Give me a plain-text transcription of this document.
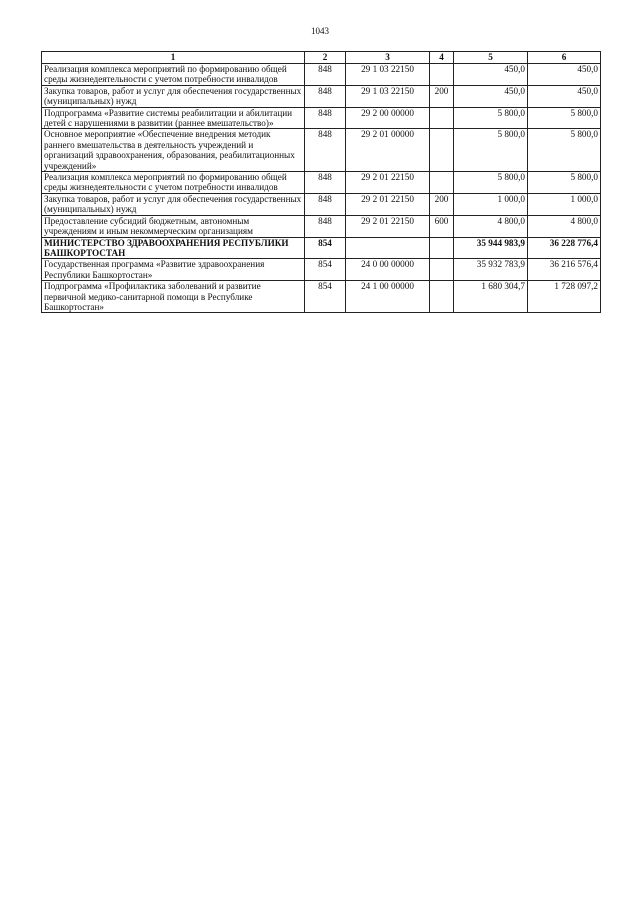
1043
1	2	3	4	5	6
Реализация комплекса мероприятий по формированию общей среды жизнедеятельности с учетом потребности инвалидов	848	29 1 03 22150		450,0	450,0
Закупка товаров, работ и услуг для обеспечения государственных (муниципальных) нужд	848	29 1 03 22150	200	450,0	450,0
Подпрограмма «Развитие системы реабилитации и абилитации детей с нарушениями в развитии (раннее вмешательство)»	848	29 2 00 00000		5 800,0	5 800,0
Основное мероприятие «Обеспечение внедрения методик раннего вмешательства в деятельность учреждений и организаций здравоохранения, образования, реабилитационных учреждений»	848	29 2 01 00000		5 800,0	5 800,0
Реализация комплекса мероприятий по формированию общей среды жизнедеятельности с учетом потребности инвалидов	848	29 2 01 22150		5 800,0	5 800,0
Закупка товаров, работ и услуг для обеспечения государственных (муниципальных) нужд	848	29 2 01 22150	200	1 000,0	1 000,0
Предоставление субсидий бюджетным, автономным учреждениям и иным некоммерческим организациям	848	29 2 01 22150	600	4 800,0	4 800,0
МИНИСТЕРСТВО ЗДРАВООХРАНЕНИЯ РЕСПУБЛИКИ БАШКОРТОСТАН	854			35 944 983,9	36 228 776,4
Государственная программа «Развитие здравоохранения Республики Башкортостан»	854	24 0 00 00000		35 932 783,9	36 216 576,4
Подпрограмма «Профилактика заболеваний и развитие первичной медико-санитарной помощи в Республике Башкортостан»	854	24 1 00 00000		1 680 304,7	1 728 097,2
